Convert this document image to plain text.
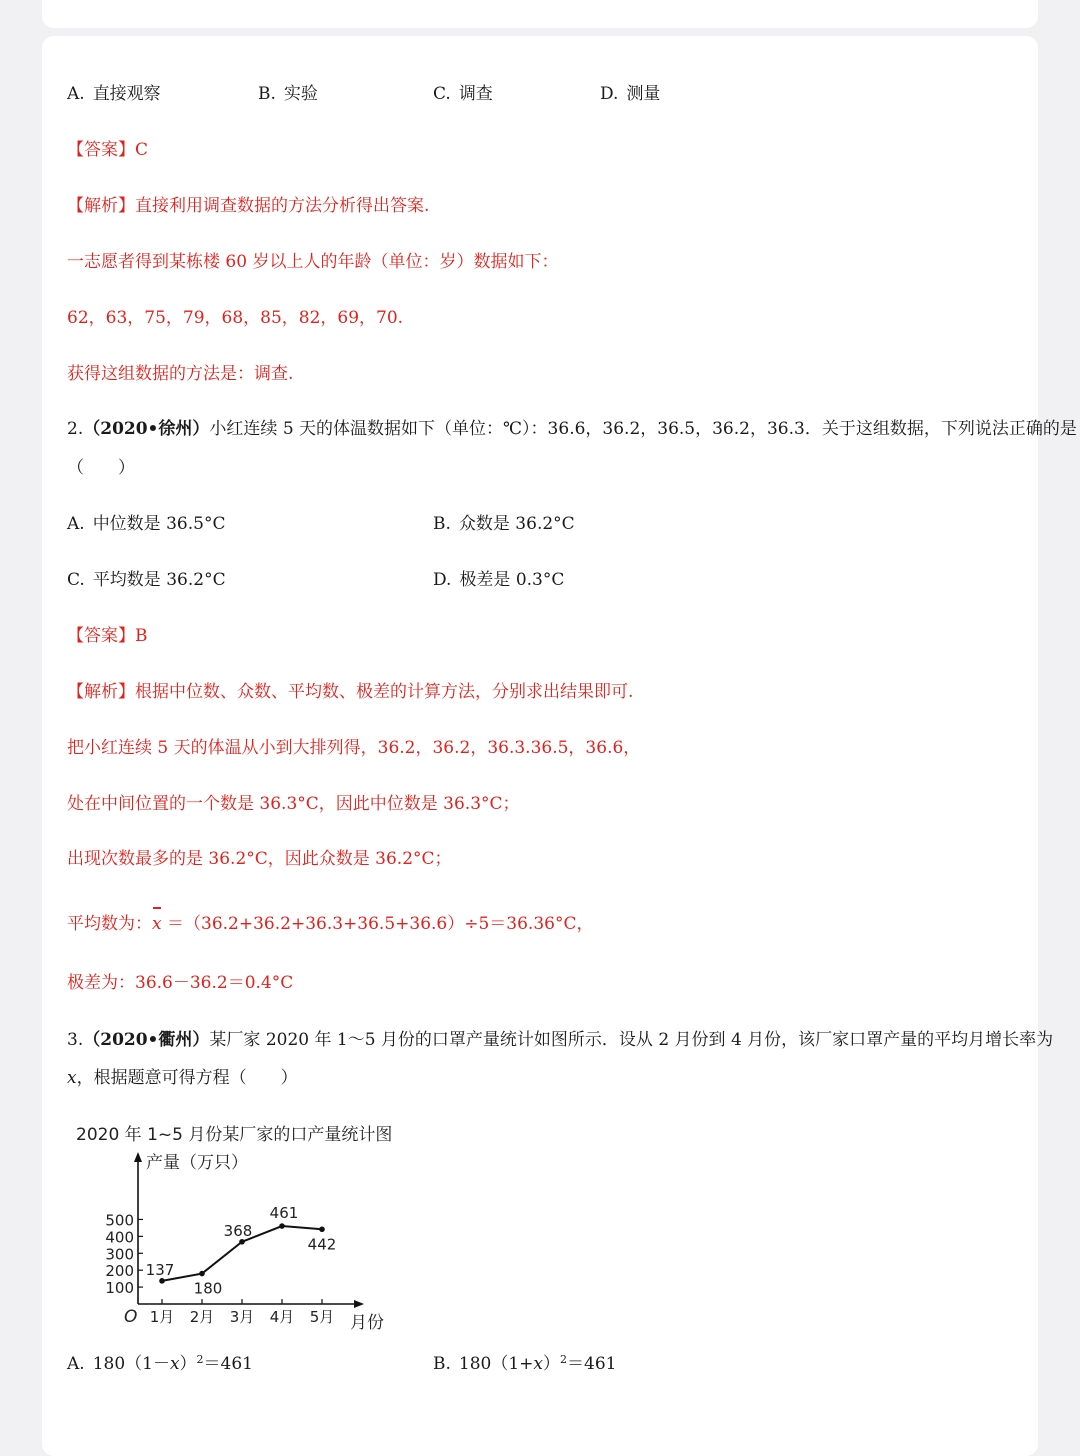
A. 直接观察	B. 实验	C. 调查	D. 测量
【答案】C
【解析】直接利用调查数据的方法分析得出答案.
一志愿者得到某栋楼 60 岁以上人的年龄（单位：岁）数据如下：
62，63，75，79，68，85，82，69，70.
获得这组数据的方法是：调查.
2.（2020•徐州）小红连续 5 天的体温数据如下（单位：℃）：36.6，36.2，36.5，36.2，36.3．关于这组数据，下列说法正确的是
（　　）
A. 中位数是 36.5°C	B. 众数是 36.2°C
C. 平均数是 36.2°C	D. 极差是 0.3°C
【答案】B
【解析】根据中位数、众数、平均数、极差的计算方法，分别求出结果即可.
把小红连续 5 天的体温从小到大排列得，36.2，36.2，36.3.36.5，36.6，
处在中间位置的一个数是 36.3°C，因此中位数是 36.3°C；
出现次数最多的是 36.2°C，因此众数是 36.2°C；
平均数为：x ＝（36.2+36.2+36.3+36.5+36.6）÷5＝36.36°C，
极差为：36.6－36.2＝0.4°C
3.（2020•衢州）某厂家 2020 年 1～5 月份的口罩产量统计如图所示．设从 2 月份到 4 月份，该厂家口罩产量的平均月增长率为
x，根据题意可得方程（　　）
2020 年 1~5 月份某厂家的口产量统计图
产量（万只）
月份
O
100
200
300
400
500
1月 2月 3月 4月 5月
137
180
368
461
442
A. $180(1-x)^2=461$	B. $180(1+x)^2=461$
